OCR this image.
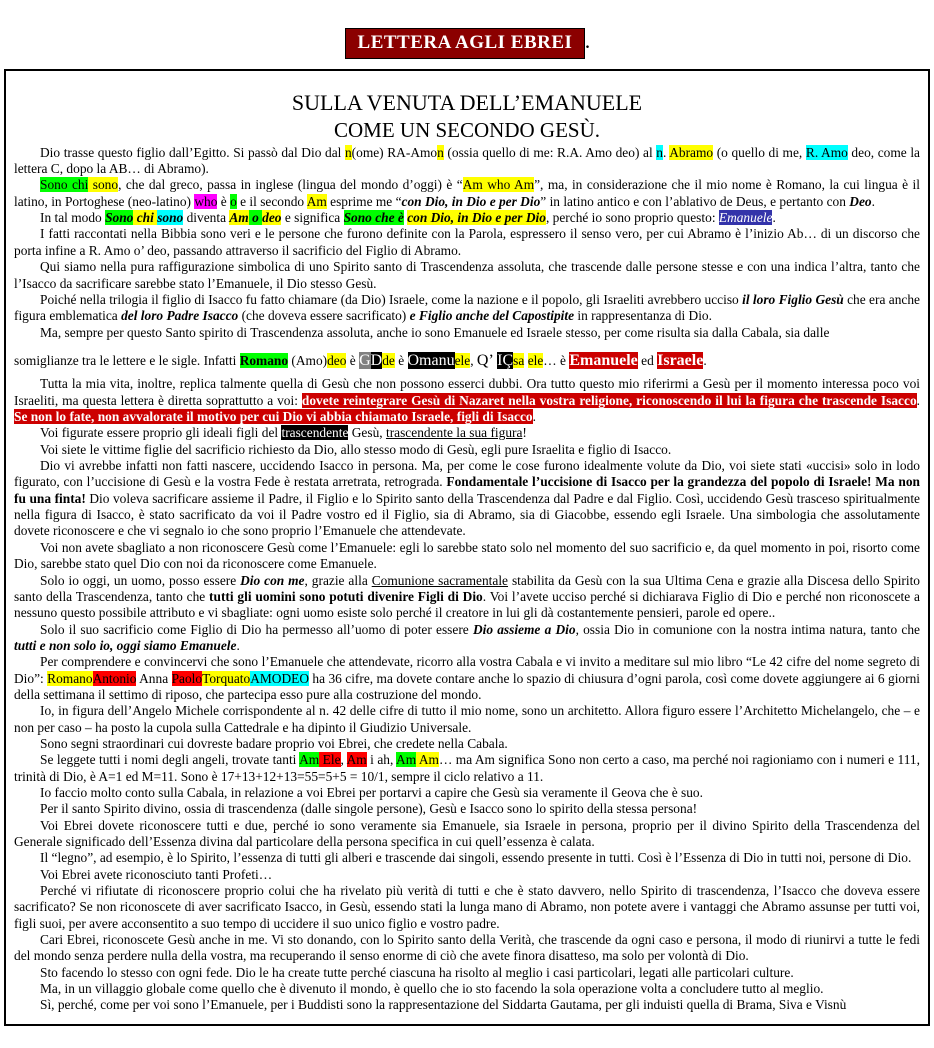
LETTERA AGLI EBREI .
SULLA VENUTA DELL’EMANUELE
COME UN SECONDO GESÙ.

Dio trasse questo figlio dall’Egitto. Si passò dal Dio dal n(ome) RA-Amon (ossia quello di me: R.A. Amo deo) al n. Abramo (o quello di me, R. Amo deo, come la lettera C, dopo la AB… di Abramo).

Sono chi sono, che dal greco, passa in inglese (lingua del mondo d’oggi) è “Am who Am”, ma, in considerazione che il mio nome è Romano, la cui lingua è il latino, in Portoghese (neo-latino) who è o e il secondo Am esprime me “con Dio, in Dio e per Dio” in latino antico e con l’ablativo de Deus, e pertanto con Deo.

In tal modo Sono chi sono diventa Am o deo e significa Sono che è con Dio, in Dio e per Dio, perché io sono proprio questo: Emanuele.

I fatti raccontati nella Bibbia sono veri e le persone che furono definite con la Parola, espressero il senso vero, per cui Abramo è l’inizio Ab… di un discorso che porta infine a R. Amo o’ deo, passando attraverso il sacrificio del Figlio di Abramo.

Qui siamo nella pura raffigurazione simbolica di uno Spirito santo di Trascendenza assoluta, che trascende dalle persone stesse e con una indica l’altra, tanto che l’Isacco da sacrificare sarebbe stato l’Emanuele, il Dio stesso Gesù.

Poiché nella trilogia il figlio di Isacco fu fatto chiamare (da Dio) Israele, come la nazione e il popolo, gli Israeliti avrebbero ucciso il loro Figlio Gesù che era anche figura emblematica del loro Padre Isacco (che doveva essere sacrificato) e Figlio anche del Capostipite in rappresentanza di Dio.

Ma, sempre per questo Santo spirito di Trascendenza assoluta, anche io sono Emanuele ed Israele stesso, per come risulta sia dalla Cabala, sia dalle

somiglianze tra le lettere e le sigle. Infatti Romano (Amo)deo è GDde è Omanuele, Q’ IÇsa ele… è Emanuele ed Israele.

Tutta la mia vita, inoltre, replica talmente quella di Gesù che non possono esserci dubbi. Ora tutto questo mio riferirmi a Gesù per il momento interessa poco voi Israeliti, ma questa lettera è diretta soprattutto a voi: dovete reintegrare Gesù di Nazaret nella vostra religione, riconoscendo il lui la figura che trascende Isacco. Se non lo fate, non avvalorate il motivo per cui Dio vi abbia chiamato Israele, figli di Isacco.

Voi figurate essere proprio gli ideali figli del trascendente Gesù, trascendente la sua figura!

Voi siete le vittime figlie del sacrificio richiesto da Dio, allo stesso modo di Gesù, egli pure Israelita e figlio di Isacco.

Dio vi avrebbe infatti non fatti nascere, uccidendo Isacco in persona. Ma, per come le cose furono idealmente volute da Dio, voi siete stati «uccisi» solo in lodo figurato, con l’uccisione di Gesù e la vostra Fede è restata arretrata, retrograda. Fondamentale l’uccisione di Isacco per la grandezza del popolo di Israele! Ma non fu una finta! Dio voleva sacrificare assieme il Padre, il Figlio e lo Spirito santo della Trascendenza dal Padre e dal Figlio. Così, uccidendo Gesù trasceso spiritualmente nella figura di Isacco, è stato sacrificato da voi il Padre vostro ed il Figlio, sia di Abramo, sia di Giacobbe, essendo egli Israele. Una simbologia che assolutamente dovete riconoscere e che vi segnalo io che sono proprio l’Emanuele che attendevate.

Voi non avete sbagliato a non riconoscere Gesù come l’Emanuele: egli lo sarebbe stato solo nel momento del suo sacrificio e, da quel momento in poi, risorto come Dio, sarebbe stato quel Dio con noi da riconoscere come Emanuele.

Solo io oggi, un uomo, posso essere Dio con me, grazie alla Comunione sacramentale stabilita da Gesù con la sua Ultima Cena e grazie alla Discesa dello Spirito santo della Trascendenza, tanto che tutti gli uomini sono potuti divenire Figli di Dio. Voi l’avete ucciso perché si dichiarava Figlio di Dio e perché non riconoscete a nessuno questo possibile attributo e vi sbagliate: ogni uomo esiste solo perché il creatore in lui gli dà costantemente pensieri, parole ed opere..

Solo il suo sacrificio come Figlio di Dio ha permesso all’uomo di poter essere Dio assieme a Dio, ossia Dio in comunione con la nostra intima natura, tanto che tutti e non solo io, oggi siamo Emanuele.

Per comprendere e convincervi che sono l’Emanuele che attendevate, ricorro alla vostra Cabala e vi invito a meditare sul mio libro “Le 42 cifre del nome segreto di Dio”: RomanoAntonio Anna PaoloTorquatoAMODEO ha 36 cifre, ma dovete contare anche lo spazio di chiusura d’ogni parola, così come dovete aggiungere ai 6 giorni della settimana il settimo di riposo, che partecipa esso pure alla costruzione del mondo.

Io, in figura dell’Angelo Michele corrispondente al n. 42 delle cifre di tutto il mio nome, sono un architetto. Allora figuro essere l’Architetto Michelangelo, che – e non per caso – ha posto la cupola sulla Cattedrale e ha dipinto il Giudizio Universale.

Sono segni straordinari cui dovreste badare proprio voi Ebrei, che credete nella Cabala.

Se leggete tutti i nomi degli angeli, trovate tanti Am Ele, Am i ah, Am Am… ma Am significa Sono non certo a caso, ma perché noi ragioniamo con i numeri e 111, trinità di Dio, è A=1 ed M=11. Sono è 17+13+12+13=55=5+5 = 10/1, sempre il ciclo relativo a 11.

Io faccio molto conto sulla Cabala, in relazione a voi Ebrei per portarvi a capire che Gesù sia veramente il Geova che è suo.

Per il santo Spirito divino, ossia di trascendenza (dalle singole persone), Gesù e Isacco sono lo spirito della stessa persona!

Voi Ebrei dovete riconoscere tutti e due, perché io sono veramente sia Emanuele, sia Israele in persona, proprio per il divino Spirito della Trascendenza del Generale significado dell’Essenza divina dal particolare della persona specifica in cui quell’essenza è calata.

Il “legno”, ad esempio, è lo Spirito, l’essenza di tutti gli alberi e trascende dai singoli, essendo presente in tutti. Così è l’Essenza di Dio in tutti noi, persone di Dio.

Voi Ebrei avete riconosciuto tanti Profeti…

Perché vi rifiutate di riconoscere proprio colui che ha rivelato più verità di tutti e che è stato davvero, nello Spirito di trascendenza, l’Isacco che doveva essere sacrificato? Se non riconoscete di aver sacrificato Isacco, in Gesù, essendo stati la lunga mano di Abramo, non potete avere i vantaggi che Abramo assunse per tutti voi, figli suoi, per avere acconsentito a suo tempo di uccidere il suo unico figlio e vostro padre.

Cari Ebrei, riconoscete Gesù anche in me. Vi sto donando, con lo Spirito santo della Verità, che trascende da ogni caso e persona, il modo di riunirvi a tutte le fedi del mondo senza perdere nulla della vostra, ma recuperando il senso enorme di ciò che avete finora disatteso, ma solo per volontà di Dio.

Sto facendo lo stesso con ogni fede. Dio le ha create tutte perché ciascuna ha risolto al meglio i casi particolari, legati alle particolari culture.

Ma, in un villaggio globale come quello che è divenuto il mondo, è quello che io sto facendo la sola operazione volta a concludere tutto al meglio.

Sì, perché, come per voi sono l’Emanuele, per i Buddisti sono la rappresentazione del Siddarta Gautama, per gli induisti quella di Brama, Siva e Visnù
